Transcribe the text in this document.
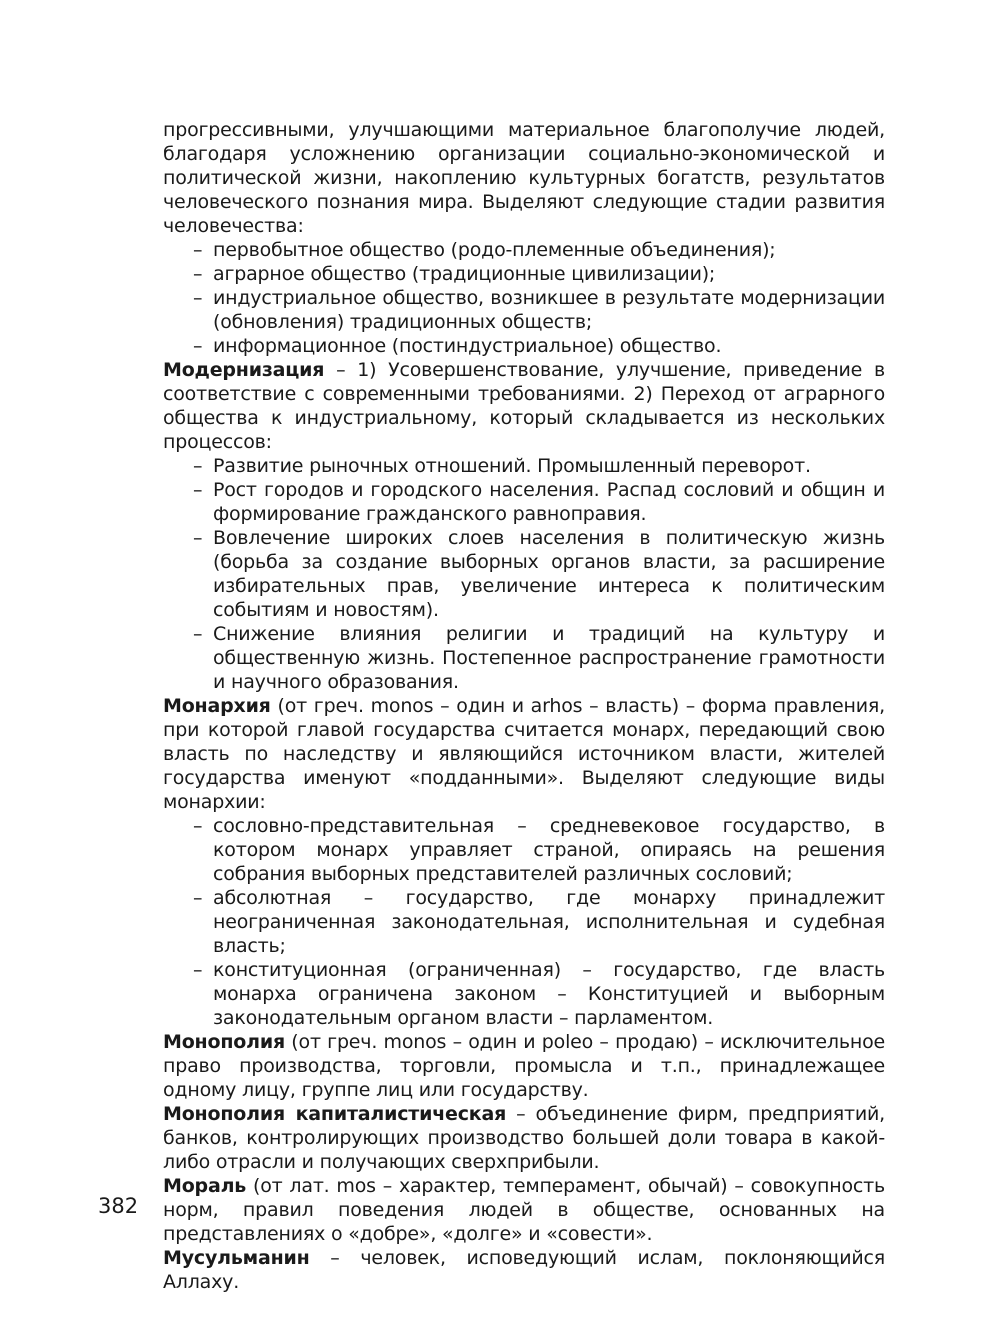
прогрессивными, улучшающими материальное благополучие людей, благодаря усложнению организации социально-экономической и политической жизни, накоплению культурных богатств, результатов человеческого познания мира. Выделяют следующие стадии развития человечества:

– первобытное общество (родо-племенные объединения);
– аграрное общество (традиционные цивилизации);
– индустриальное общество, возникшее в результате модернизации (обновления) традиционных обществ;
– информационное (постиндустриальное) общество.

Модернизация – 1) Усовершенствование, улучшение, приведение в соответствие с современными требованиями. 2) Переход от аграрного общества к индустриальному, который складывается из нескольких процессов:

– Развитие рыночных отношений. Промышленный переворот.
– Рост городов и городского населения. Распад сословий и общин и формирование гражданского равноправия.
– Вовлечение широких слоев населения в политическую жизнь (борьба за создание выборных органов власти, за расширение избирательных прав, увеличение интереса к политическим событиям и новостям).
– Снижение влияния религии и традиций на культуру и общественную жизнь. Постепенное распространение грамотности и научного образования.

Монархия (от греч. monos – один и arhos – власть) – форма правления, при которой главой государства считается монарх, передающий свою власть по наследству и являющийся источником власти, жителей государства именуют «подданными». Выделяют следующие виды монархии:

– сословно-представительная – средневековое государство, в котором монарх управляет страной, опираясь на решения собрания выборных представителей различных сословий;
– абсолютная – государство, где монарху принадлежит неограниченная законодательная, исполнительная и судебная власть;
– конституционная (ограниченная) – государство, где власть монарха ограничена законом – Конституцией и выборным законодательным органом власти – парламентом.

Монополия (от греч. monos – один и poleo – продаю) – исключительное право производства, торговли, промысла и т.п., принадлежащее одному лицу, группе лиц или государству.

Монополия капиталистическая – объединение фирм, предприятий, банков, контролирующих производство большей доли товара в какой-либо отрасли и получающих сверхприбыли.

Мораль (от лат. mos – характер, темперамент, обычай) – совокупность норм, правил поведения людей в обществе, основанных на представлениях о «добре», «долге» и «совести».

Мусульманин – человек, исповедующий ислам, поклоняющийся Аллаху.

382
